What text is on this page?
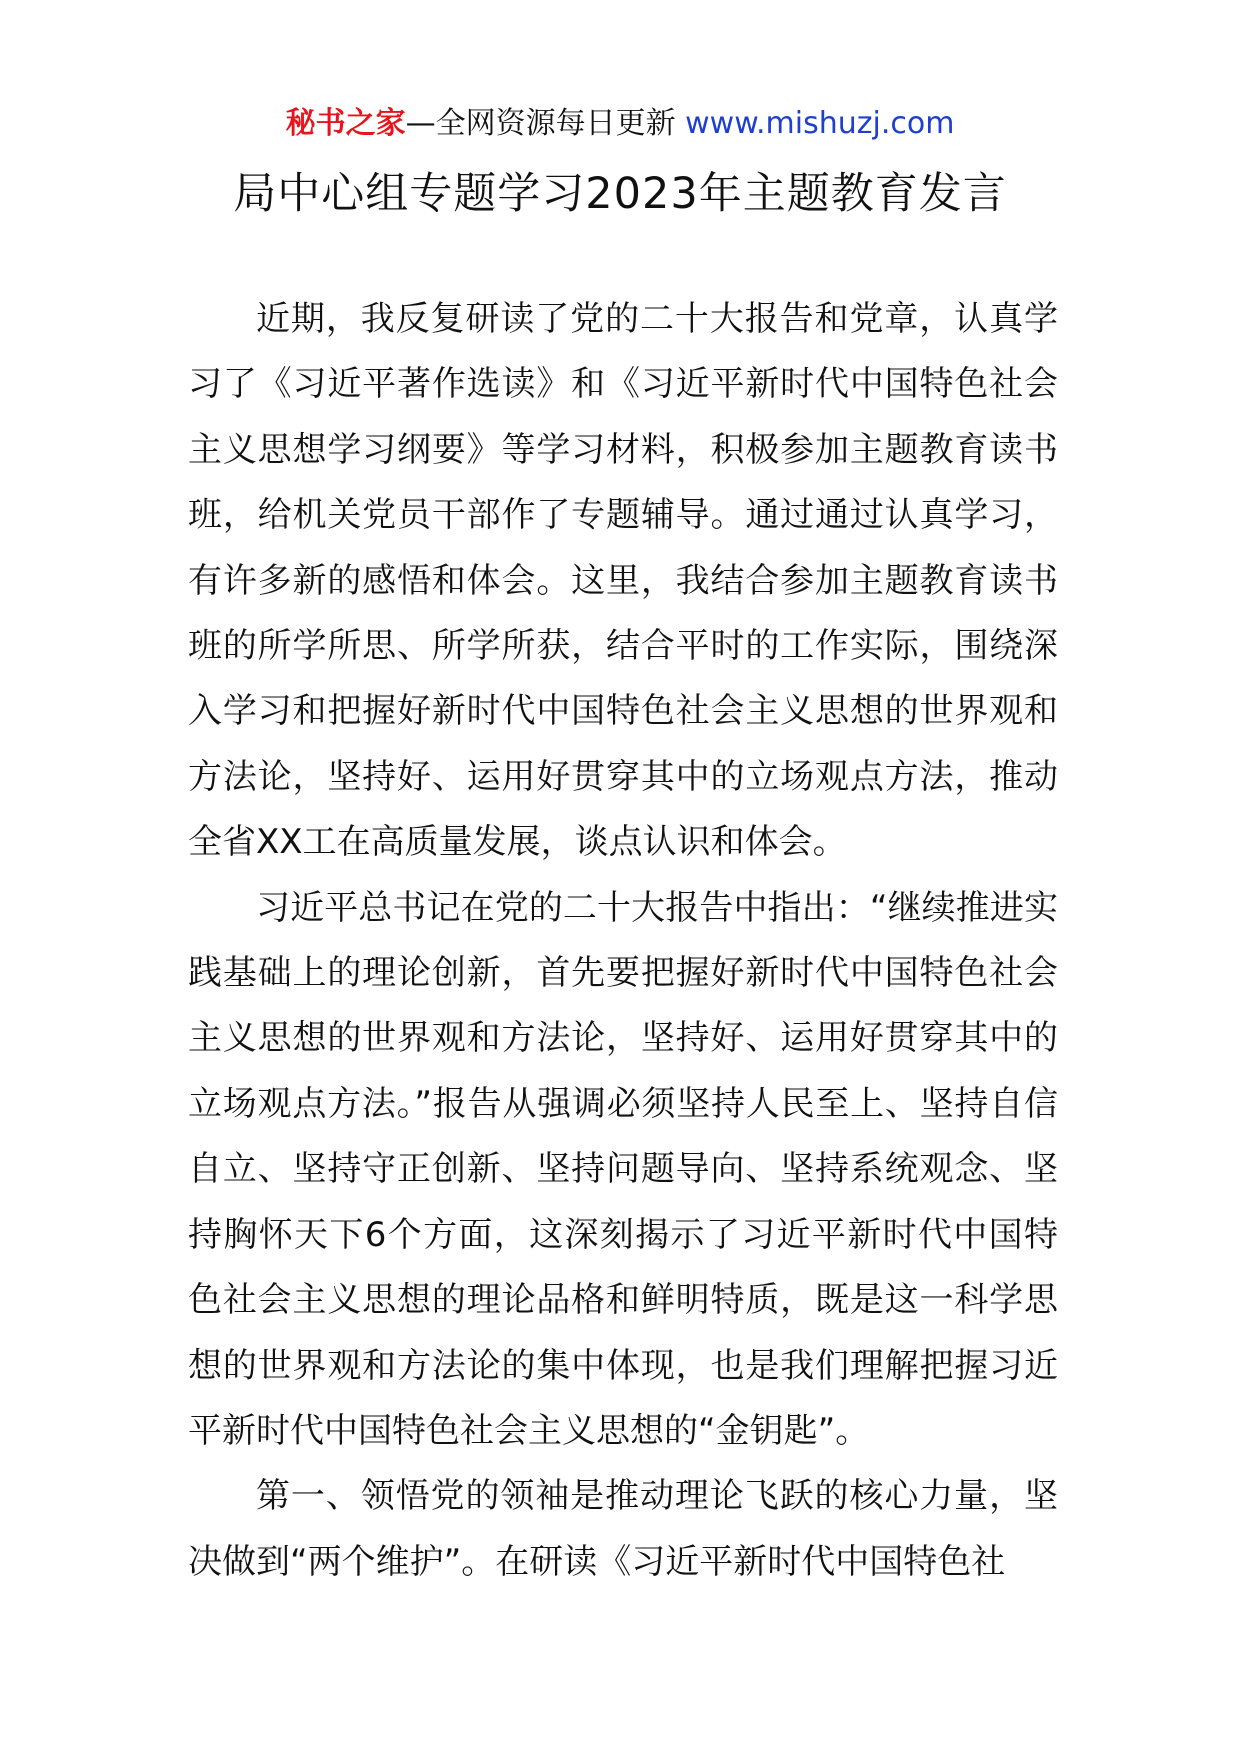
秘书之家—全网资源每日更新 www.mishuzj.com
局中心组专题学习2023年主题教育发言

近期，我反复研读了党的二十大报告和党章，认真学习了《习近平著作选读》和《习近平新时代中国特色社会主义思想学习纲要》等学习材料，积极参加主题教育读书班，给机关党员干部作了专题辅导。通过通过认真学习，有许多新的感悟和体会。这里，我结合参加主题教育读书班的所学所思、所学所获，结合平时的工作实际，围绕深入学习和把握好新时代中国特色社会主义思想的世界观和方法论，坚持好、运用好贯穿其中的立场观点方法，推动全省XX工在高质量发展，谈点认识和体会。

习近平总书记在党的二十大报告中指出：“继续推进实践基础上的理论创新，首先要把握好新时代中国特色社会主义思想的世界观和方法论，坚持好、运用好贯穿其中的立场观点方法。”报告从强调必须坚持人民至上、坚持自信自立、坚持守正创新、坚持问题导向、坚持系统观念、坚持胸怀天下6个方面，这深刻揭示了习近平新时代中国特色社会主义思想的理论品格和鲜明特质，既是这一科学思想的世界观和方法论的集中体现，也是我们理解把握习近平新时代中国特色社会主义思想的“金钥匙”。

第一、领悟党的领袖是推动理论飞跃的核心力量，坚决做到“两个维护”。在研读《习近平新时代中国特色社
